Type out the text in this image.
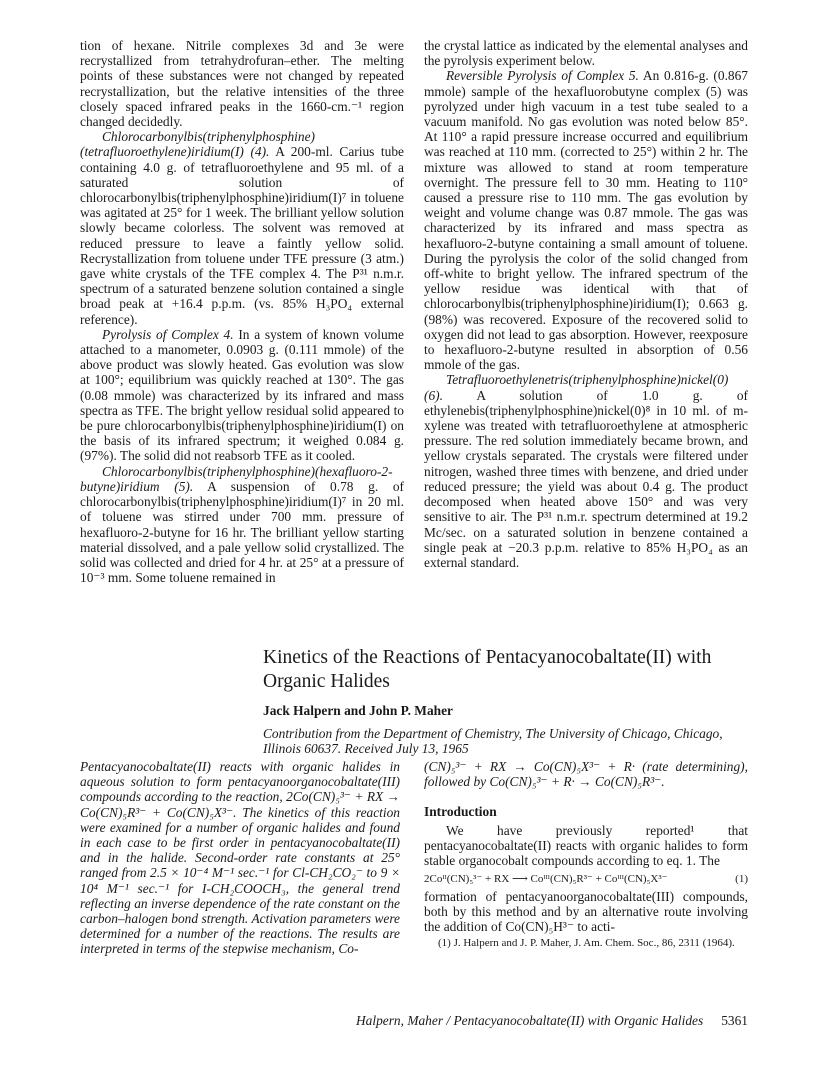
tion of hexane. Nitrile complexes 3d and 3e were recrystallized from tetrahydrofuran–ether. The melting points of these substances were not changed by repeated recrystallization, but the relative intensities of the three closely spaced infrared peaks in the 1660-cm.⁻¹ region changed decidedly.

Chlorocarbonylbis(triphenylphosphine)(tetrafluoroethylene)iridium(I) (4). A 200-ml. Carius tube containing 4.0 g. of tetrafluoroethylene and 95 ml. of a saturated solution of chlorocarbonylbis(triphenylphosphine)iridium(I)⁷ in toluene was agitated at 25° for 1 week. The brilliant yellow solution slowly became colorless. The solvent was removed at reduced pressure to leave a faintly yellow solid. Recrystallization from toluene under TFE pressure (3 atm.) gave white crystals of the TFE complex 4. The P³¹ n.m.r. spectrum of a saturated benzene solution contained a single broad peak at +16.4 p.p.m. (vs. 85% H₃PO₄ external reference).

Pyrolysis of Complex 4. In a system of known volume attached to a manometer, 0.0903 g. (0.111 mmole) of the above product was slowly heated. Gas evolution was slow at 100°; equilibrium was quickly reached at 130°. The gas (0.08 mmole) was characterized by its infrared and mass spectra as TFE. The bright yellow residual solid appeared to be pure chlorocarbonylbis(triphenylphosphine)iridium(I) on the basis of its infrared spectrum; it weighed 0.084 g. (97%). The solid did not reabsorb TFE as it cooled.

Chlorocarbonylbis(triphenylphosphine)(hexafluoro-2-butyne)iridium (5). A suspension of 0.78 g. of chlorocarbonylbis(triphenylphosphine)iridium(I)⁷ in 20 ml. of toluene was stirred under 700 mm. pressure of hexafluoro-2-butyne for 16 hr. The brilliant yellow starting material dissolved, and a pale yellow solid crystallized. The solid was collected and dried for 4 hr. at 25° at a pressure of 10⁻³ mm. Some toluene remained in

the crystal lattice as indicated by the elemental analyses and the pyrolysis experiment below.

Reversible Pyrolysis of Complex 5. An 0.816-g. (0.867 mmole) sample of the hexafluorobutyne complex (5) was pyrolyzed under high vacuum in a test tube sealed to a vacuum manifold. No gas evolution was noted below 85°. At 110° a rapid pressure increase occurred and equilibrium was reached at 110 mm. (corrected to 25°) within 2 hr. The mixture was allowed to stand at room temperature overnight. The pressure fell to 30 mm. Heating to 110° caused a pressure rise to 110 mm. The gas evolution by weight and volume change was 0.87 mmole. The gas was characterized by its infrared and mass spectra as hexafluoro-2-butyne containing a small amount of toluene. During the pyrolysis the color of the solid changed from off-white to bright yellow. The infrared spectrum of the yellow residue was identical with that of chlorocarbonylbis(triphenylphosphine)iridium(I); 0.663 g. (98%) was recovered. Exposure of the recovered solid to oxygen did not lead to gas absorption. However, reexposure to hexafluoro-2-butyne resulted in absorption of 0.56 mmole of the gas.

Tetrafluoroethylenetris(triphenylphosphine)nickel(0) (6). A solution of 1.0 g. of ethylenebis(triphenylphosphine)nickel(0)⁸ in 10 ml. of m-xylene was treated with tetrafluoroethylene at atmospheric pressure. The red solution immediately became brown, and yellow crystals separated. The crystals were filtered under nitrogen, washed three times with benzene, and dried under reduced pressure; the yield was about 0.4 g. The product decomposed when heated above 150° and was very sensitive to air. The P³¹ n.m.r. spectrum determined at 19.2 Mc/sec. on a saturated solution in benzene contained a single peak at −20.3 p.p.m. relative to 85% H₃PO₄ as an external standard.

Kinetics of the Reactions of Pentacyanocobaltate(II) with Organic Halides
Jack Halpern and John P. Maher
Contribution from the Department of Chemistry, The University of Chicago, Chicago, Illinois 60637. Received July 13, 1965

Pentacyanocobaltate(II) reacts with organic halides in aqueous solution to form pentacyanoorganocobaltate(III) compounds according to the reaction, 2Co(CN)₅³⁻ + RX → Co(CN)₅R³⁻ + Co(CN)₅X³⁻. The kinetics of this reaction were examined for a number of organic halides and found in each case to be first order in pentacyanocobaltate(II) and in the halide. Second-order rate constants at 25° ranged from 2.5 × 10⁻⁴ M⁻¹ sec.⁻¹ for Cl-CH₂CO₂⁻ to 9 × 10⁴ M⁻¹ sec.⁻¹ for I-CH₂COOCH₃, the general trend reflecting an inverse dependence of the rate constant on the carbon–halogen bond strength. Activation parameters were determined for a number of the reactions. The results are interpreted in terms of the stepwise mechanism, Co-

(CN)₅³⁻ + RX → Co(CN)₅X³⁻ + R· (rate determining), followed by Co(CN)₅³⁻ + R· → Co(CN)₅R³⁻.

Introduction

We have previously reported¹ that pentacyanocobaltate(II) reacts with organic halides to form stable organocobalt compounds according to eq. 1. The

2Coᴵᴵ(CN)₅³⁻ + RX ⟶ Coᴵᴵᴵ(CN)₅R³⁻ + Coᴵᴵᴵ(CN)₅X³⁻	(1)

formation of pentacyanoorganocobaltate(III) compounds, both by this method and by an alternative route involving the addition of Co(CN)₅H³⁻ to acti-

(1) J. Halpern and J. P. Maher, J. Am. Chem. Soc., 86, 2311 (1964).

Halpern, Maher / Pentacyanocobaltate(II) with Organic Halides 5361
